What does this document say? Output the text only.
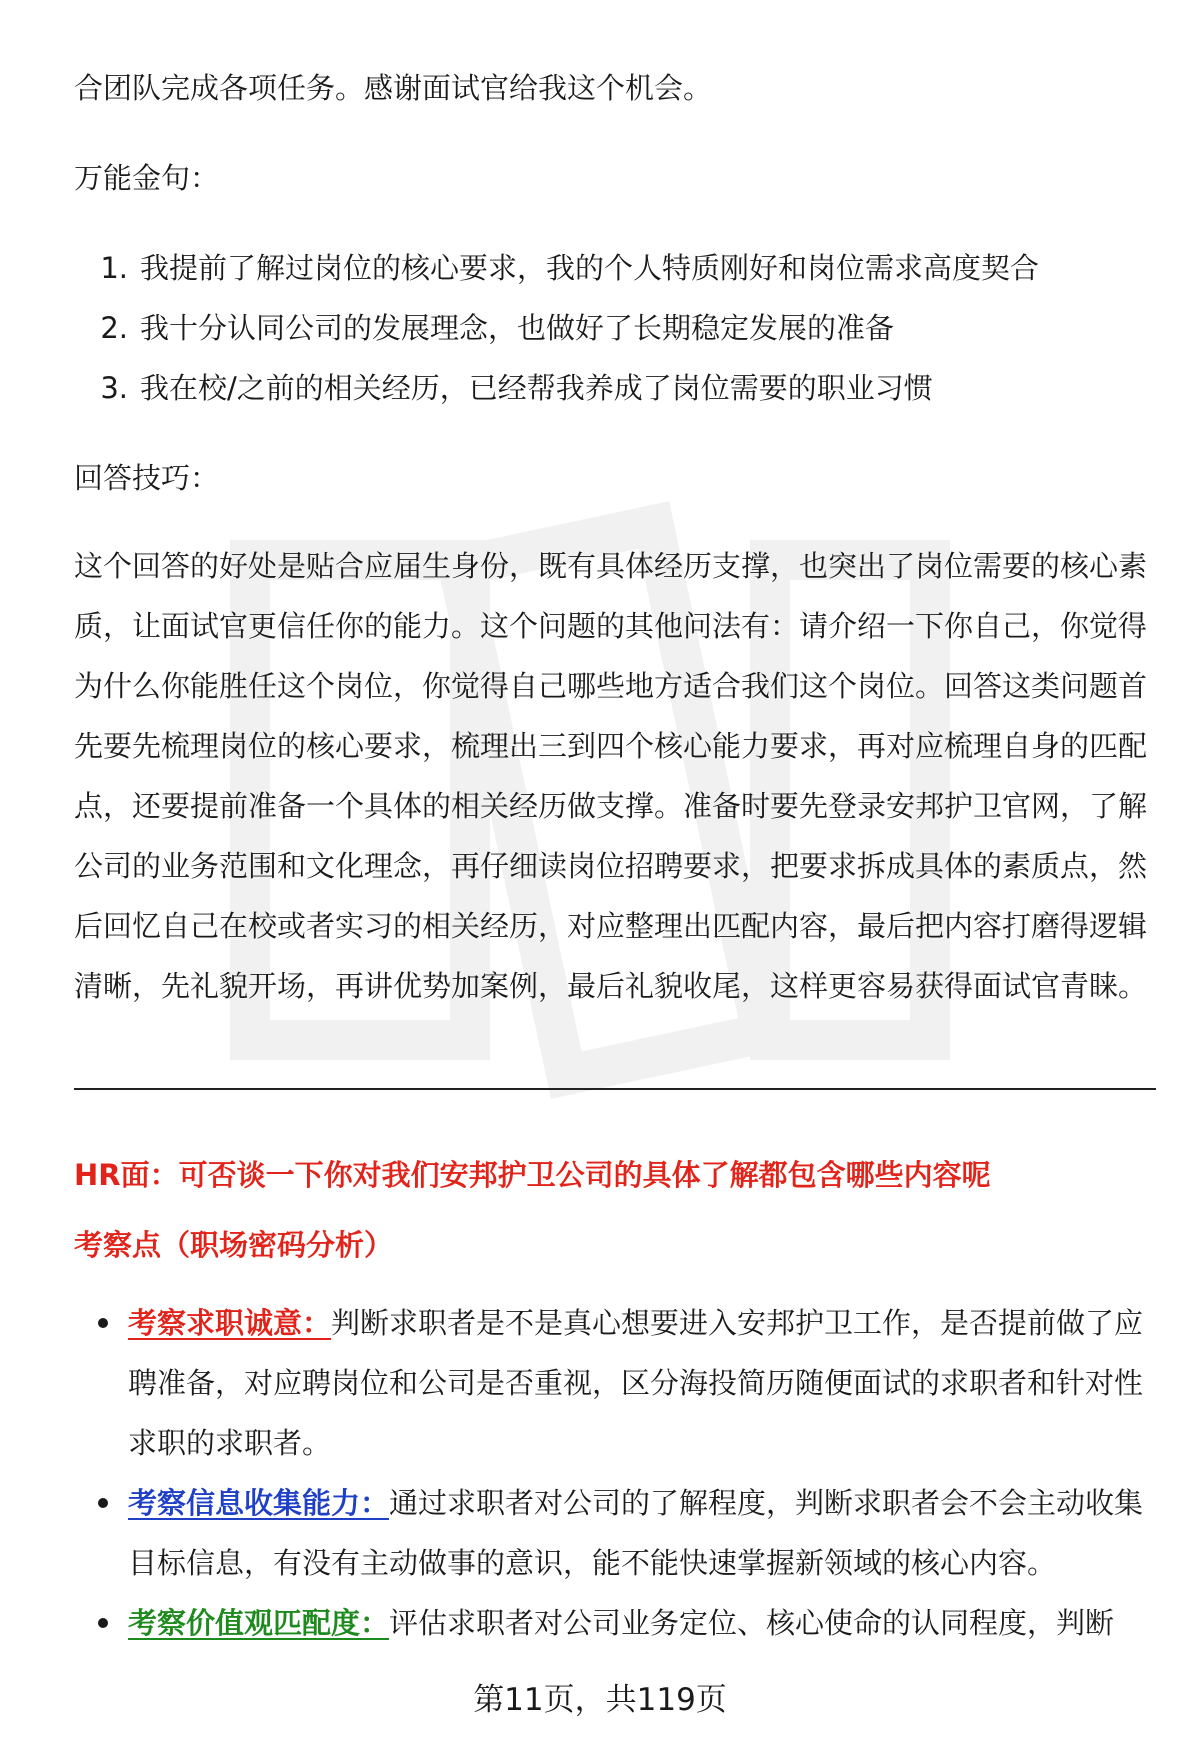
合团队完成各项任务。感谢面试官给我这个机会。

万能金句：

1. 我提前了解过岗位的核心要求，我的个人特质刚好和岗位需求高度契合
2. 我十分认同公司的发展理念，也做好了长期稳定发展的准备
3. 我在校/之前的相关经历，已经帮我养成了岗位需要的职业习惯

回答技巧：

这个回答的好处是贴合应届生身份，既有具体经历支撑，也突出了岗位需要的核心素质，让面试官更信任你的能力。这个问题的其他问法有：请介绍一下你自己，你觉得为什么你能胜任这个岗位，你觉得自己哪些地方适合我们这个岗位。回答这类问题首先要先梳理岗位的核心要求，梳理出三到四个核心能力要求，再对应梳理自身的匹配点，还要提前准备一个具体的相关经历做支撑。准备时要先登录安邦护卫官网，了解公司的业务范围和文化理念，再仔细读岗位招聘要求，把要求拆成具体的素质点，然后回忆自己在校或者实习的相关经历，对应整理出匹配内容，最后把内容打磨得逻辑清晰，先礼貌开场，再讲优势加案例，最后礼貌收尾，这样更容易获得面试官青睐。

HR面：可否谈一下你对我们安邦护卫公司的具体了解都包含哪些内容呢

考察点（职场密码分析）

考察求职诚意：判断求职者是不是真心想要进入安邦护卫工作，是否提前做了应聘准备，对应聘岗位和公司是否重视，区分海投简历随便面试的求职者和针对性求职的求职者。
考察信息收集能力：通过求职者对公司的了解程度，判断求职者会不会主动收集目标信息，有没有主动做事的意识，能不能快速掌握新领域的核心内容。
考察价值观匹配度：评估求职者对公司业务定位、核心使命的认同程度，判断
第11页，共119页
